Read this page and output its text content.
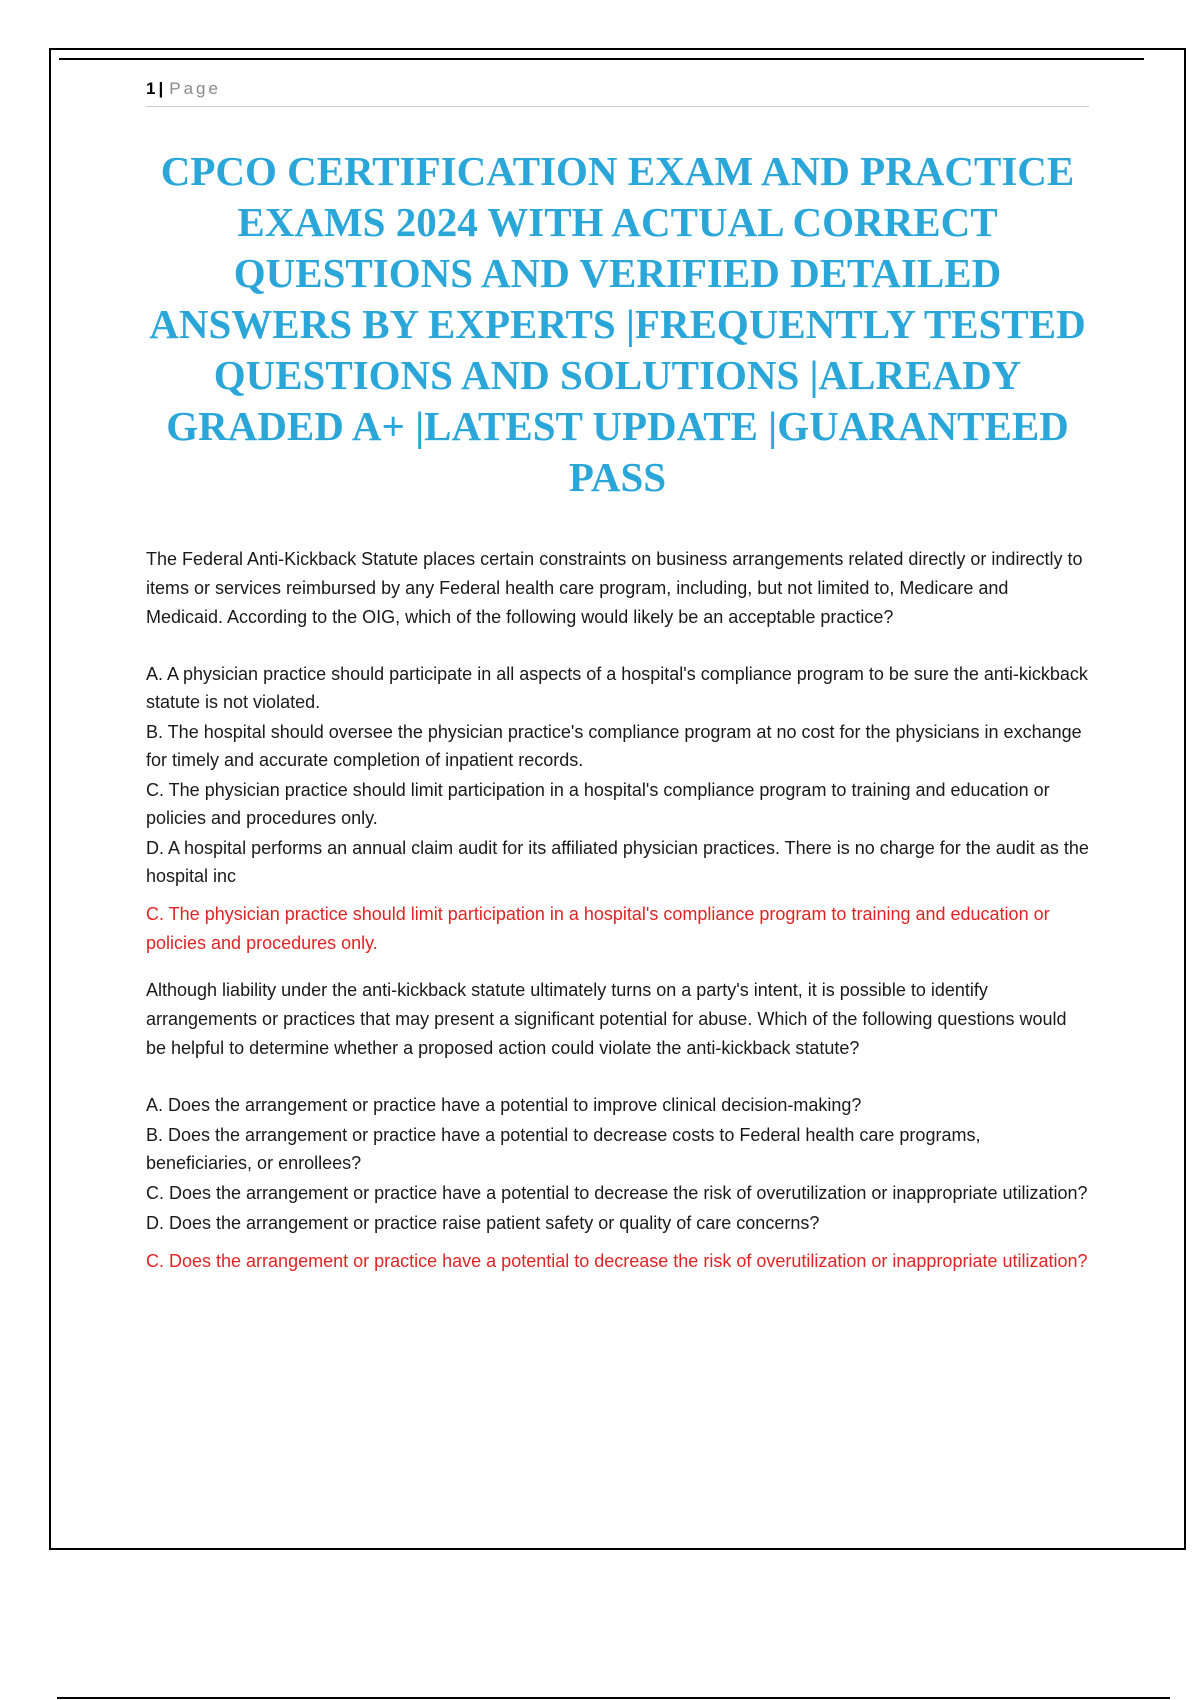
1 | Page
CPCO CERTIFICATION EXAM AND PRACTICE EXAMS 2024 WITH ACTUAL CORRECT QUESTIONS AND VERIFIED DETAILED ANSWERS BY EXPERTS |FREQUENTLY TESTED QUESTIONS AND SOLUTIONS |ALREADY GRADED A+ |LATEST UPDATE |GUARANTEED PASS

The Federal Anti-Kickback Statute places certain constraints on business arrangements related directly or indirectly to items or services reimbursed by any Federal health care program, including, but not limited to, Medicare and Medicaid. According to the OIG, which of the following would likely be an acceptable practice?

A. A physician practice should participate in all aspects of a hospital's compliance program to be sure the anti-kickback statute is not violated.
B. The hospital should oversee the physician practice's compliance program at no cost for the physicians in exchange for timely and accurate completion of inpatient records.
C. The physician practice should limit participation in a hospital's compliance program to training and education or policies and procedures only.
D. A hospital performs an annual claim audit for its affiliated physician practices. There is no charge for the audit as the hospital inc

C. The physician practice should limit participation in a hospital's compliance program to training and education or policies and procedures only.

Although liability under the anti-kickback statute ultimately turns on a party's intent, it is possible to identify arrangements or practices that may present a significant potential for abuse. Which of the following questions would be helpful to determine whether a proposed action could violate the anti-kickback statute?

A. Does the arrangement or practice have a potential to improve clinical decision-making?
B. Does the arrangement or practice have a potential to decrease costs to Federal health care programs, beneficiaries, or enrollees?
C. Does the arrangement or practice have a potential to decrease the risk of overutilization or inappropriate utilization?
D. Does the arrangement or practice raise patient safety or quality of care concerns?

C. Does the arrangement or practice have a potential to decrease the risk of overutilization or inappropriate utilization?
